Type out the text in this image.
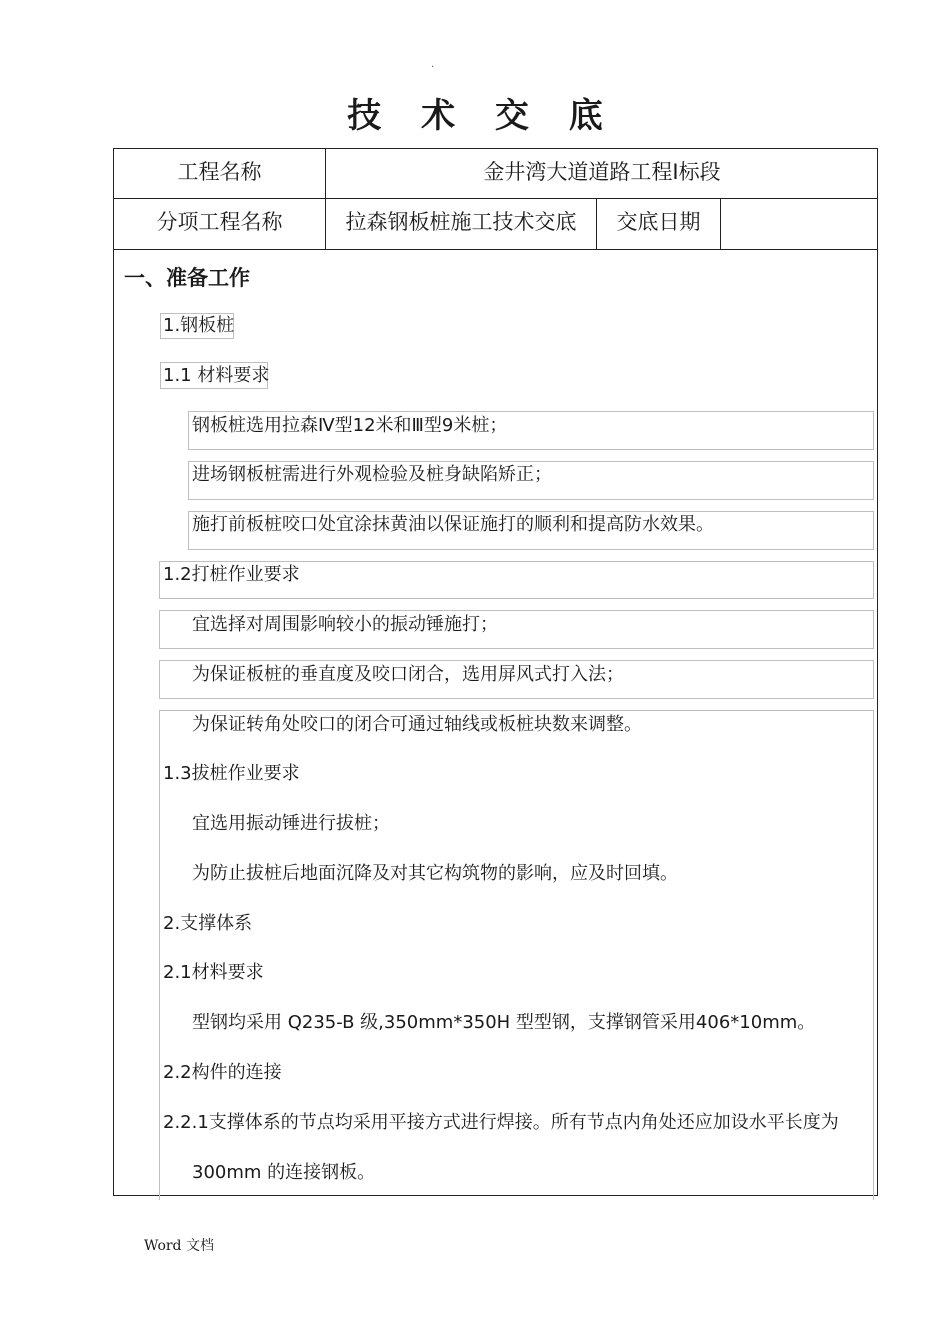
·
技 术 交 底
工程名称	金井湾大道道路工程Ⅰ标段
分项工程名称	拉森钢板桩施工技术交底	交底日期
一、准备工作
1.钢板桩
1.1 材料要求
钢板桩选用拉森Ⅳ型12米和Ⅲ型9米桩；
进场钢板桩需进行外观检验及桩身缺陷矫正；
施打前板桩咬口处宜涂抹黄油以保证施打的顺利和提高防水效果。
1.2打桩作业要求
宜选择对周围影响较小的振动锤施打；
为保证板桩的垂直度及咬口闭合，选用屏风式打入法；
为保证转角处咬口的闭合可通过轴线或板桩块数来调整。
1.3拔桩作业要求
宜选用振动锤进行拔桩；
为防止拔桩后地面沉降及对其它构筑物的影响，应及时回填。
2.支撑体系
2.1材料要求
型钢均采用 Q235-B 级,350mm*350H 型型钢，支撑钢管采用406*10mm。
2.2构件的连接
2.2.1支撑体系的节点均采用平接方式进行焊接。所有节点内角处还应加设水平长度为
300mm 的连接钢板。
Word 文档
